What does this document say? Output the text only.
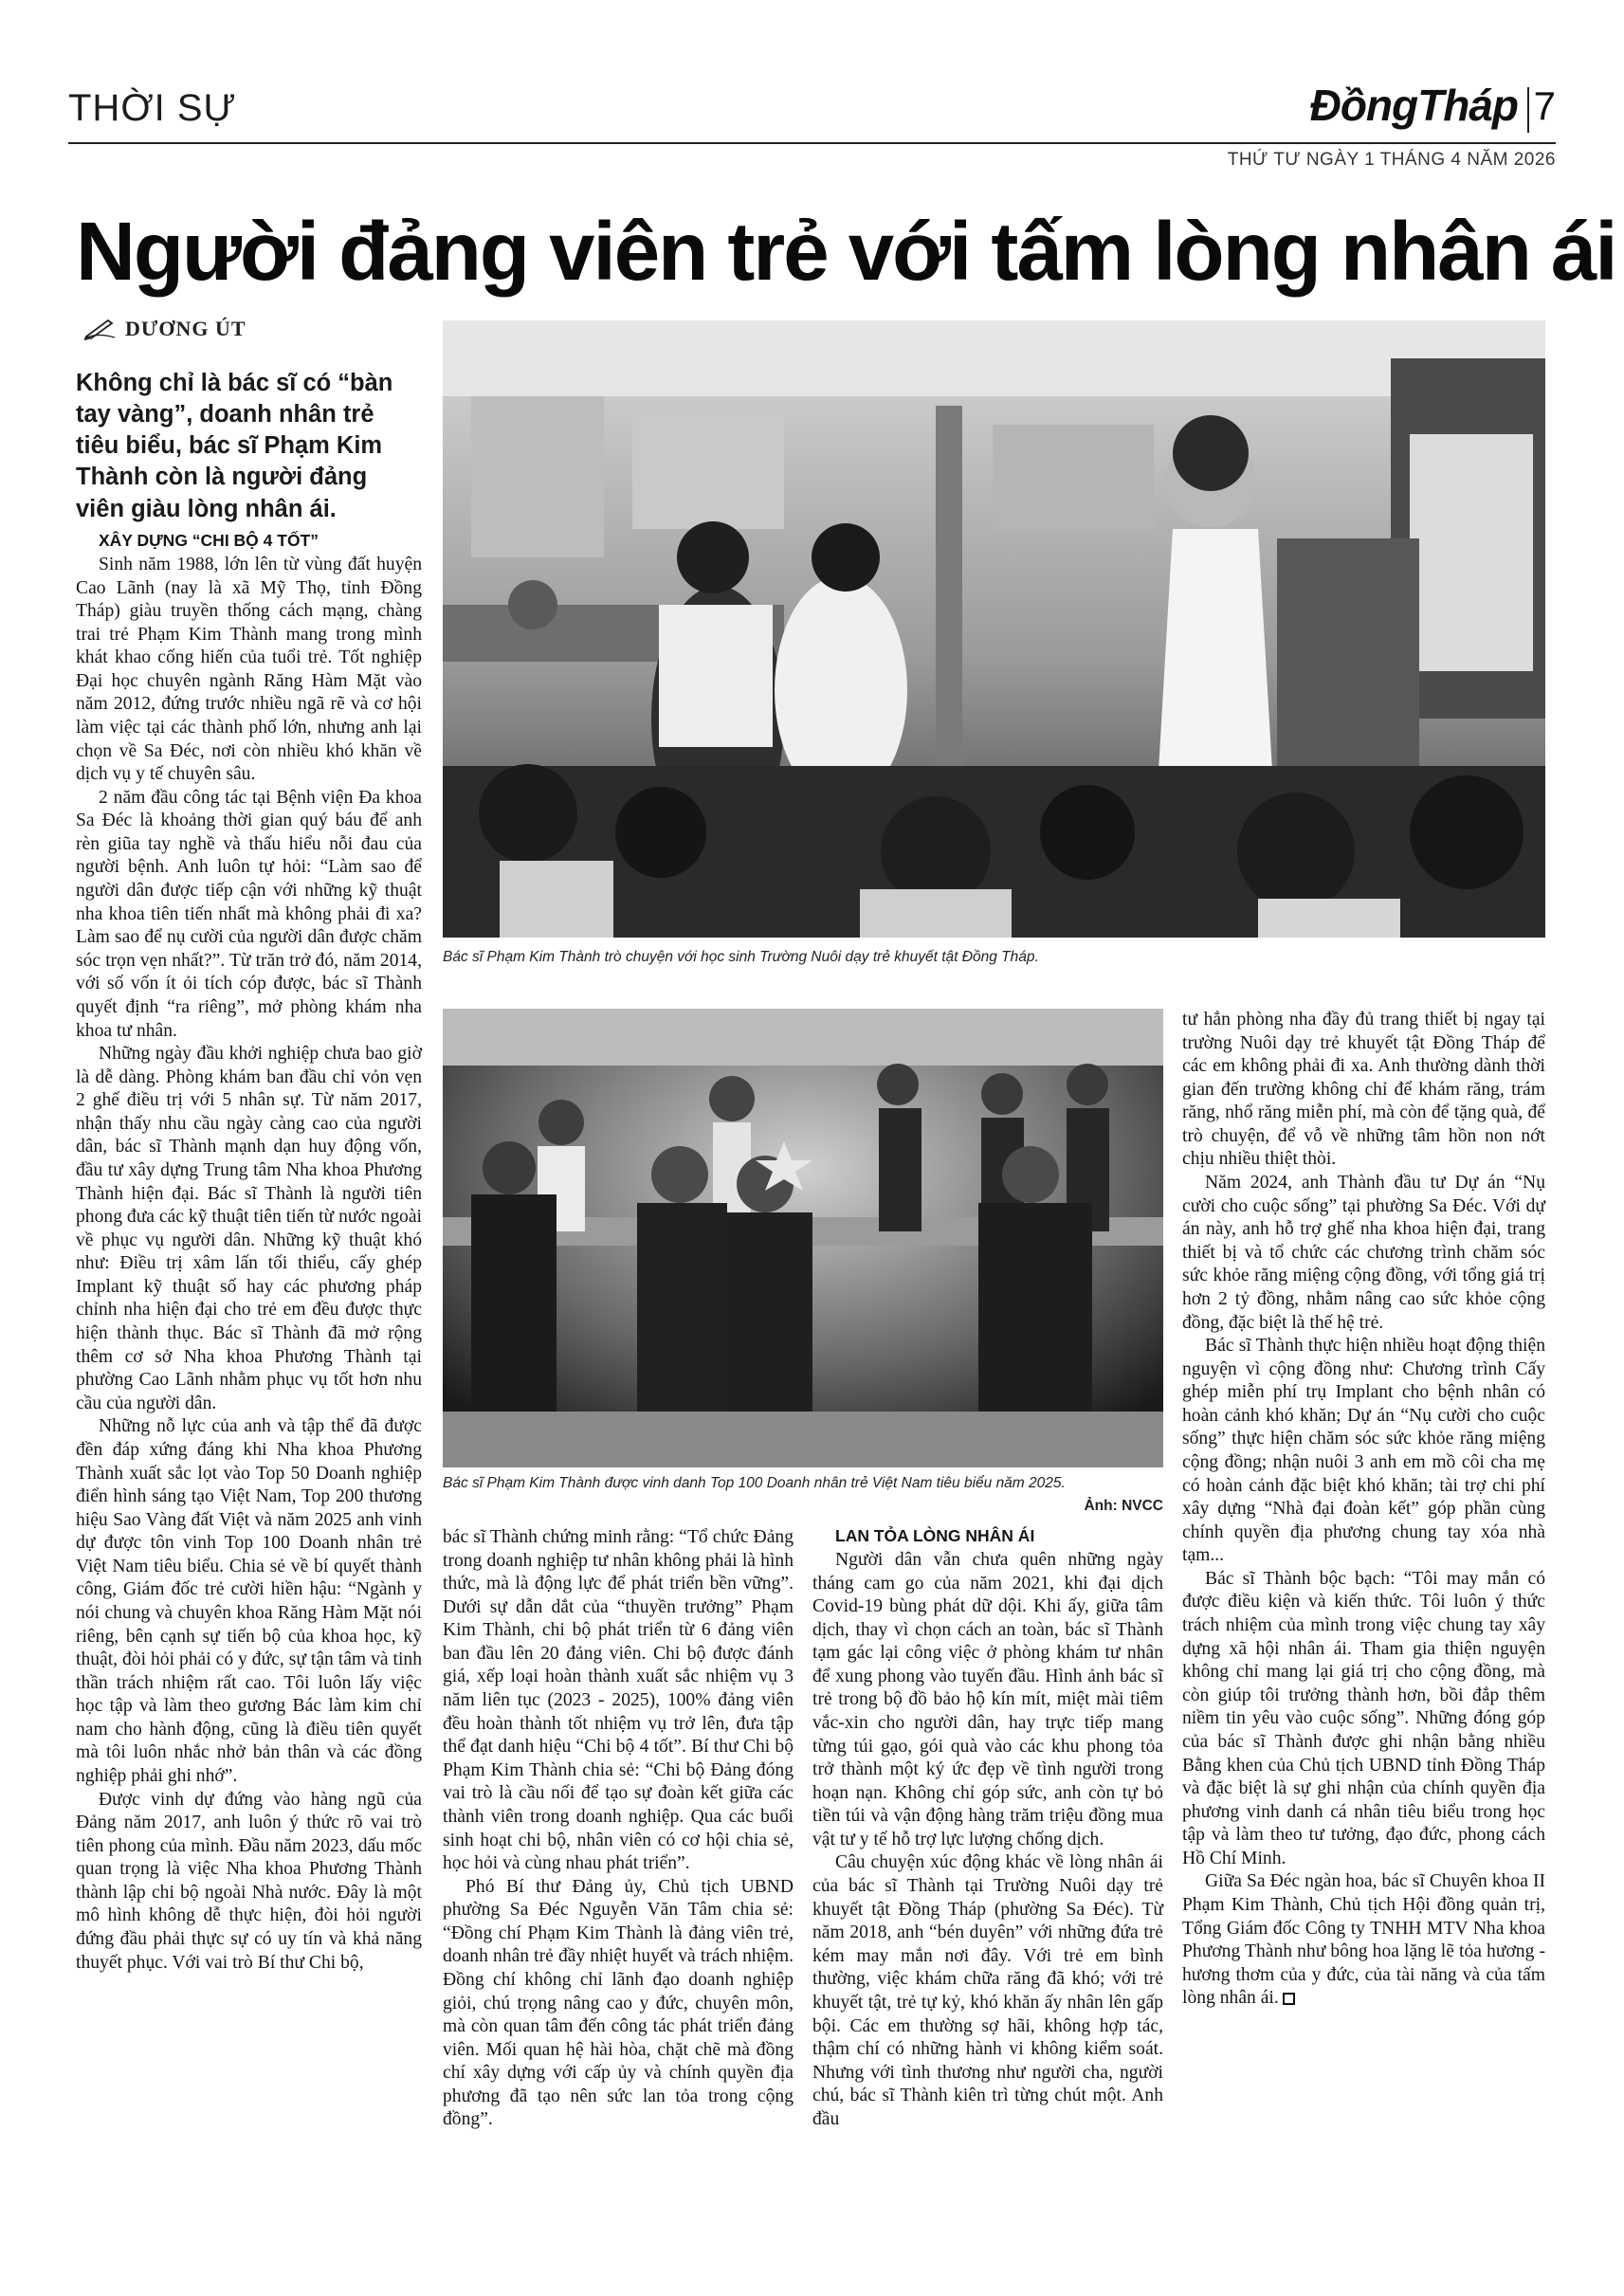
THỜI SỰ	ĐồngTháp 7
THỨ TƯ NGÀY 1 THÁNG 4 NĂM 2026
Người đảng viên trẻ với tấm lòng nhân ái
DƯƠNG ÚT
Không chỉ là bác sĩ có “bàn tay vàng”, doanh nhân trẻ tiêu biểu, bác sĩ Phạm Kim Thành còn là người đảng viên giàu lòng nhân ái.
Bác sĩ Phạm Kim Thành trò chuyện với học sinh Trường Nuôi dạy trẻ khuyết tật Đồng Tháp.
Bác sĩ Phạm Kim Thành được vinh danh Top 100 Doanh nhân trẻ Việt Nam tiêu biểu năm 2025.
Ảnh: NVCC
XÂY DỰNG “CHI BỘ 4 TỐT”

Sinh năm 1988, lớn lên từ vùng đất huyện Cao Lãnh (nay là xã Mỹ Thọ, tỉnh Đồng Tháp) giàu truyền thống cách mạng, chàng trai trẻ Phạm Kim Thành mang trong mình khát khao cống hiến của tuổi trẻ. Tốt nghiệp Đại học chuyên ngành Răng Hàm Mặt vào năm 2012, đứng trước nhiều ngã rẽ và cơ hội làm việc tại các thành phố lớn, nhưng anh lại chọn về Sa Đéc, nơi còn nhiều khó khăn về dịch vụ y tế chuyên sâu.

2 năm đầu công tác tại Bệnh viện Đa khoa Sa Đéc là khoảng thời gian quý báu để anh rèn giũa tay nghề và thấu hiểu nỗi đau của người bệnh. Anh luôn tự hỏi: “Làm sao để người dân được tiếp cận với những kỹ thuật nha khoa tiên tiến nhất mà không phải đi xa? Làm sao để nụ cười của người dân được chăm sóc trọn vẹn nhất?”. Từ trăn trở đó, năm 2014, với số vốn ít ỏi tích cóp được, bác sĩ Thành quyết định “ra riêng”, mở phòng khám nha khoa tư nhân.

Những ngày đầu khởi nghiệp chưa bao giờ là dễ dàng. Phòng khám ban đầu chỉ vỏn vẹn 2 ghế điều trị với 5 nhân sự. Từ năm 2017, nhận thấy nhu cầu ngày càng cao của người dân, bác sĩ Thành mạnh dạn huy động vốn, đầu tư xây dựng Trung tâm Nha khoa Phương Thành hiện đại. Bác sĩ Thành là người tiên phong đưa các kỹ thuật tiên tiến từ nước ngoài về phục vụ người dân. Những kỹ thuật khó như: Điều trị xâm lấn tối thiểu, cấy ghép Implant kỹ thuật số hay các phương pháp chỉnh nha hiện đại cho trẻ em đều được thực hiện thành thục. Bác sĩ Thành đã mở rộng thêm cơ sở Nha khoa Phương Thành tại phường Cao Lãnh nhằm phục vụ tốt hơn nhu cầu của người dân.

Những nỗ lực của anh và tập thể đã được đền đáp xứng đáng khi Nha khoa Phương Thành xuất sắc lọt vào Top 50 Doanh nghiệp điển hình sáng tạo Việt Nam, Top 200 thương hiệu Sao Vàng đất Việt và năm 2025 anh vinh dự được tôn vinh Top 100 Doanh nhân trẻ Việt Nam tiêu biểu. Chia sẻ về bí quyết thành công, Giám đốc trẻ cười hiền hậu: “Ngành y nói chung và chuyên khoa Răng Hàm Mặt nói riêng, bên cạnh sự tiến bộ của khoa học, kỹ thuật, đòi hỏi phải có y đức, sự tận tâm và tinh thần trách nhiệm rất cao. Tôi luôn lấy việc học tập và làm theo gương Bác làm kim chỉ nam cho hành động, cũng là điều tiên quyết mà tôi luôn nhắc nhở bản thân và các đồng nghiệp phải ghi nhớ”.

Được vinh dự đứng vào hàng ngũ của Đảng năm 2017, anh luôn ý thức rõ vai trò tiên phong của mình. Đầu năm 2023, dấu mốc quan trọng là việc Nha khoa Phương Thành thành lập chi bộ ngoài Nhà nước. Đây là một mô hình không dễ thực hiện, đòi hỏi người đứng đầu phải thực sự có uy tín và khả năng thuyết phục. Với vai trò Bí thư Chi bộ,

bác sĩ Thành chứng minh rằng: “Tổ chức Đảng trong doanh nghiệp tư nhân không phải là hình thức, mà là động lực để phát triển bền vững”. Dưới sự dẫn dắt của “thuyền trưởng” Phạm Kim Thành, chi bộ phát triển từ 6 đảng viên ban đầu lên 20 đảng viên. Chi bộ được đánh giá, xếp loại hoàn thành xuất sắc nhiệm vụ 3 năm liên tục (2023 - 2025), 100% đảng viên đều hoàn thành tốt nhiệm vụ trở lên, đưa tập thể đạt danh hiệu “Chi bộ 4 tốt”. Bí thư Chi bộ Phạm Kim Thành chia sẻ: “Chi bộ Đảng đóng vai trò là cầu nối để tạo sự đoàn kết giữa các thành viên trong doanh nghiệp. Qua các buổi sinh hoạt chi bộ, nhân viên có cơ hội chia sẻ, học hỏi và cùng nhau phát triển”.

Phó Bí thư Đảng ủy, Chủ tịch UBND phường Sa Đéc Nguyễn Văn Tâm chia sẻ: “Đồng chí Phạm Kim Thành là đảng viên trẻ, doanh nhân trẻ đầy nhiệt huyết và trách nhiệm. Đồng chí không chỉ lãnh đạo doanh nghiệp giỏi, chú trọng nâng cao y đức, chuyên môn, mà còn quan tâm đến công tác phát triển đảng viên. Mối quan hệ hài hòa, chặt chẽ mà đồng chí xây dựng với cấp ủy và chính quyền địa phương đã tạo nên sức lan tỏa trong cộng đồng”.

LAN TỎA LÒNG NHÂN ÁI

Người dân vẫn chưa quên những ngày tháng cam go của năm 2021, khi đại dịch Covid-19 bùng phát dữ dội. Khi ấy, giữa tâm dịch, thay vì chọn cách an toàn, bác sĩ Thành tạm gác lại công việc ở phòng khám tư nhân để xung phong vào tuyến đầu. Hình ảnh bác sĩ trẻ trong bộ đồ bảo hộ kín mít, miệt mài tiêm vắc-xin cho người dân, hay trực tiếp mang từng túi gạo, gói quà vào các khu phong tỏa trở thành một ký ức đẹp về tình người trong hoạn nạn. Không chỉ góp sức, anh còn tự bỏ tiền túi và vận động hàng trăm triệu đồng mua vật tư y tế hỗ trợ lực lượng chống dịch.

Câu chuyện xúc động khác về lòng nhân ái của bác sĩ Thành tại Trường Nuôi dạy trẻ khuyết tật Đồng Tháp (phường Sa Đéc). Từ năm 2018, anh “bén duyên” với những đứa trẻ kém may mắn nơi đây. Với trẻ em bình thường, việc khám chữa răng đã khó; với trẻ khuyết tật, trẻ tự kỷ, khó khăn ấy nhân lên gấp bội. Các em thường sợ hãi, không hợp tác, thậm chí có những hành vi không kiểm soát. Nhưng với tình thương như người cha, người chú, bác sĩ Thành kiên trì từng chút một. Anh đầu

tư hẳn phòng nha đầy đủ trang thiết bị ngay tại trường Nuôi dạy trẻ khuyết tật Đồng Tháp để các em không phải đi xa. Anh thường dành thời gian đến trường không chỉ để khám răng, trám răng, nhổ răng miễn phí, mà còn để tặng quà, để trò chuyện, để vỗ về những tâm hồn non nớt chịu nhiều thiệt thòi.

Năm 2024, anh Thành đầu tư Dự án “Nụ cười cho cuộc sống” tại phường Sa Đéc. Với dự án này, anh hỗ trợ ghế nha khoa hiện đại, trang thiết bị và tổ chức các chương trình chăm sóc sức khỏe răng miệng cộng đồng, với tổng giá trị hơn 2 tỷ đồng, nhằm nâng cao sức khỏe cộng đồng, đặc biệt là thế hệ trẻ.

Bác sĩ Thành thực hiện nhiều hoạt động thiện nguyện vì cộng đồng như: Chương trình Cấy ghép miễn phí trụ Implant cho bệnh nhân có hoàn cảnh khó khăn; Dự án “Nụ cười cho cuộc sống” thực hiện chăm sóc sức khỏe răng miệng cộng đồng; nhận nuôi 3 anh em mồ côi cha mẹ có hoàn cảnh đặc biệt khó khăn; tài trợ chi phí xây dựng “Nhà đại đoàn kết” góp phần cùng chính quyền địa phương chung tay xóa nhà tạm...

Bác sĩ Thành bộc bạch: “Tôi may mắn có được điều kiện và kiến thức. Tôi luôn ý thức trách nhiệm của mình trong việc chung tay xây dựng xã hội nhân ái. Tham gia thiện nguyện không chỉ mang lại giá trị cho cộng đồng, mà còn giúp tôi trưởng thành hơn, bồi đắp thêm niềm tin yêu vào cuộc sống”. Những đóng góp của bác sĩ Thành được ghi nhận bằng nhiều Bằng khen của Chủ tịch UBND tỉnh Đồng Tháp và đặc biệt là sự ghi nhận của chính quyền địa phương vinh danh cá nhân tiêu biểu trong học tập và làm theo tư tưởng, đạo đức, phong cách Hồ Chí Minh.

Giữa Sa Đéc ngàn hoa, bác sĩ Chuyên khoa II Phạm Kim Thành, Chủ tịch Hội đồng quản trị, Tổng Giám đốc Công ty TNHH MTV Nha khoa Phương Thành như bông hoa lặng lẽ tỏa hương - hương thơm của y đức, của tài năng và của tấm lòng nhân ái.
